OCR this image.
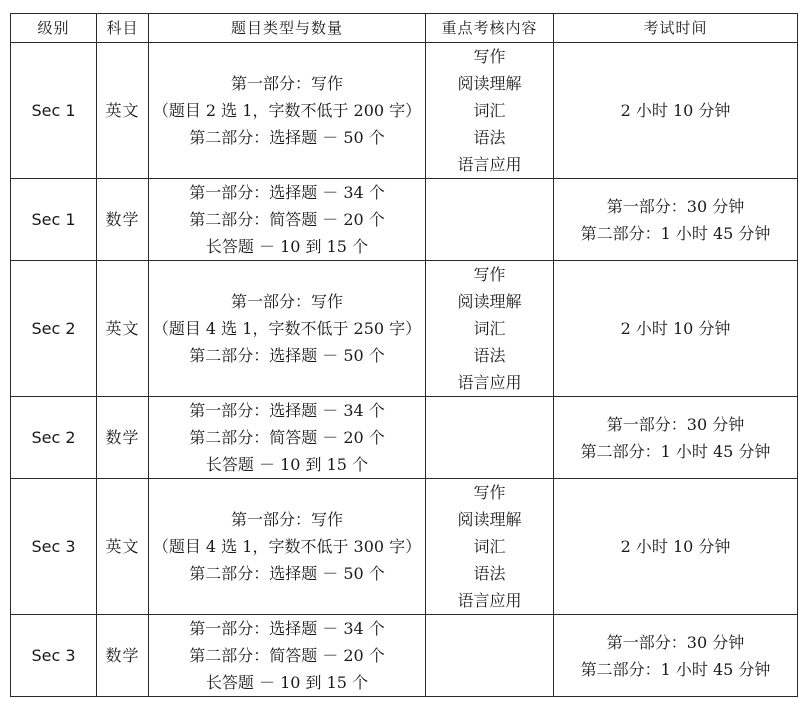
级别	科目	题目类型与数量	重点考核内容	考试时间
Sec 1	英文	第一部分：写作
（题目 2 选 1，字数不低于 200 字）
第二部分：选择题 － 50 个	写作
阅读理解
词汇
语法
语言应用	2 小时 10 分钟

Sec 1	数学	第一部分：选择题 － 34 个
第二部分：简答题 － 20 个
长答题 － 10 到 15 个		第一部分：30 分钟
第二部分：1 小时 45 分钟

Sec 2	英文	第一部分：写作
（题目 4 选 1，字数不低于 250 字）
第二部分：选择题 － 50 个	写作
阅读理解
词汇
语法
语言应用	2 小时 10 分钟

Sec 2	数学	第一部分：选择题 － 34 个
第二部分：简答题 － 20 个
长答题 － 10 到 15 个		第一部分：30 分钟
第二部分：1 小时 45 分钟

Sec 3	英文	第一部分：写作
（题目 4 选 1，字数不低于 300 字）
第二部分：选择题 － 50 个	写作
阅读理解
词汇
语法
语言应用	2 小时 10 分钟

Sec 3	数学	第一部分：选择题 － 34 个
第二部分：简答题 － 20 个
长答题 － 10 到 15 个		第一部分：30 分钟
第二部分：1 小时 45 分钟
